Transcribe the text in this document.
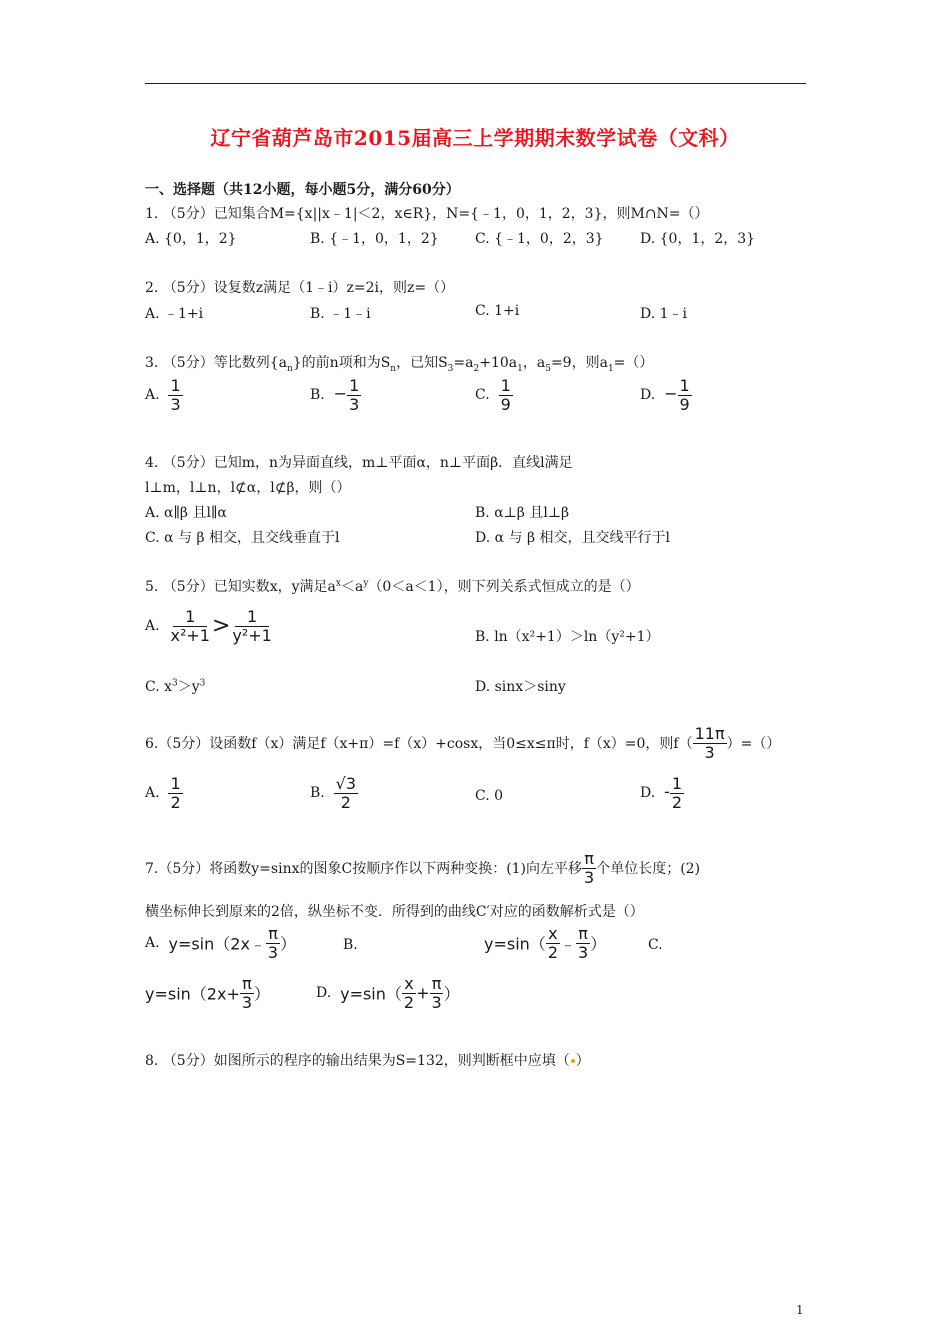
辽宁省葫芦岛市2015届高三上学期期末数学试卷（文科）
一、选择题（共12小题，每小题5分，满分60分）
1. （5分）已知集合M={x||x﹣1|＜2，x∈R}，N={﹣1，0，1，2，3}，则M∩N=（）
A. {0，1，2}	B. {﹣1，0，1，2}	C. {﹣1，0，2，3}	D. {0，1，2，3}
2. （5分）设复数z满足（1﹣i）z=2i，则z=（）
A. ﹣1+i	B. ﹣1﹣i	C. 1+i	D. 1﹣i
3. （5分）等比数列$\{a_n\}$的前n项和为$S_n$，已知$S_3=a_2+10a_1$，$a_5=9$，则$a_1=()$
A. $\frac{1}{3}$	B. − $\frac{1}{3}$	C. $\frac{1}{9}$	D. − $\frac{1}{9}$
4. （5分）已知m，n为异面直线，m⊥平面α，n⊥平面β．直线l满足
l⊥m，l⊥n，l⊄α，l⊄β，则（）
A. α∥β 且l∥α	B. α⊥β 且l⊥β
C. α 与 β 相交，且交线垂直于l	D. α 与 β 相交，且交线平行于l
5. （5分）已知实数x，y满足$a^x<a^y(0<a<1)$，则下列关系式恒成立的是（）
A. $\frac{1}{\text{x²+1}} > \frac{1}{\text{y²+1}}$	B. ln（x²+1）＞ln（y²+1）
C. $x^3>y^3$	D. sinx＞siny
6.（5分）设函数f（x）满足f（x+π）=f（x）+cosx，当0≤x≤π时，f（x）=0，则$f( \frac{11\pi}{3}$ ）=（）
A. $\frac{1}{2}$	B. $\frac{√3}{2}$	C. 0	D. - $\frac{1}{2}$
7.（5分）将函数y=sinx的图象C按顺序作以下两种变换：(1)向左平移 $\frac{\pi}{3}$ 个单位长度；(2)
横坐标伸长到原来的2倍，纵坐标不变．所得到的曲线C′对应的函数解析式是（）
A. y=sin（2x﹣ $\frac{\pi}{3}$ ）	B.	$y=\sin( \frac{x}{2}$ ﹣ $\frac{\pi}{3}$ ）	C.
$y=\sin(2x+ \frac{\pi}{3}$ ）	D. $y=\sin( \frac{x}{2} + \frac{\pi}{3}$ ）
8. （5分）如图所示的程序的输出结果为S=132，则判断框中应填（ ）
1
